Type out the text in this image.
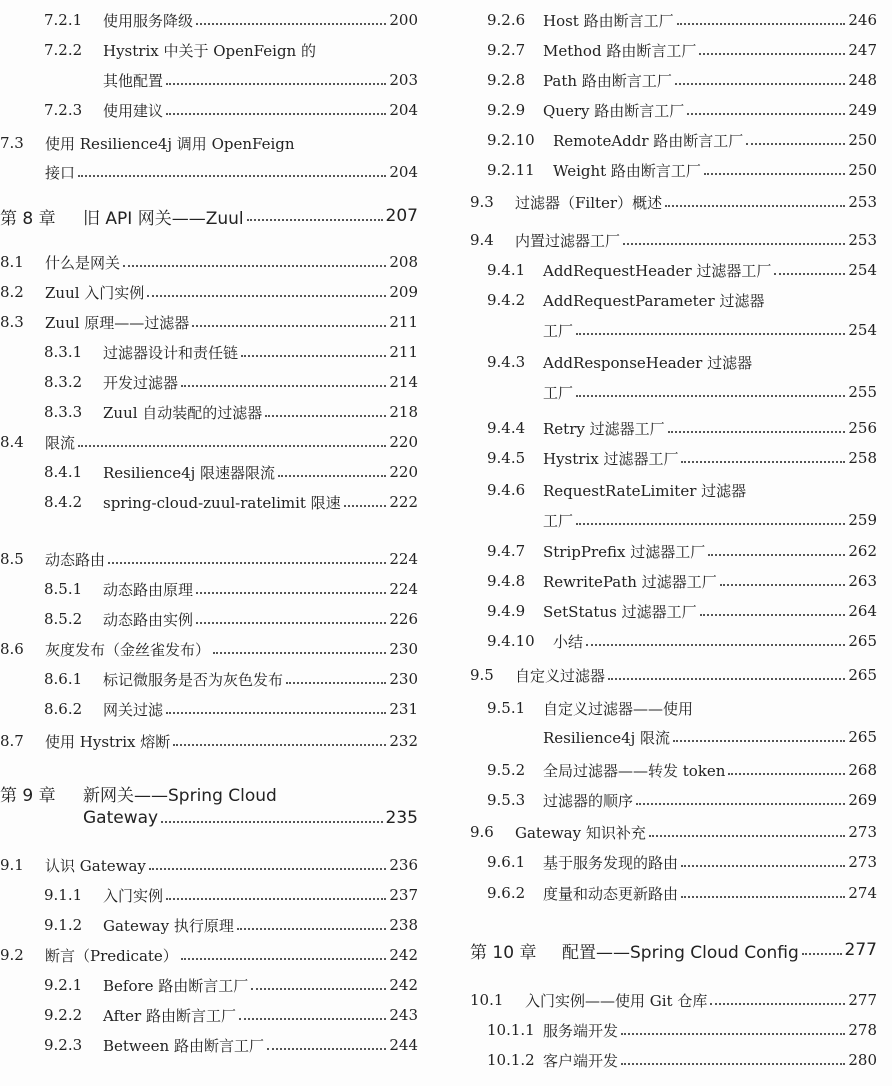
7.2.1 使用服务降级	200
7.2.2 Hystrix 中关于 OpenFeign 的
其他配置	203
7.2.3 使用建议	204
7.3 使用 Resilience4j 调用 OpenFeign
接口	204
第 8 章 旧 API 网关——Zuul	207
8.1 什么是网关	208
8.2 Zuul 入门实例	209
8.3 Zuul 原理——过滤器	211
8.3.1 过滤器设计和责任链	211
8.3.2 开发过滤器	214
8.3.3 Zuul 自动装配的过滤器	218
8.4 限流	220
8.4.1 Resilience4j 限速器限流	220
8.4.2 spring-cloud-zuul-ratelimit 限速	222
8.5 动态路由	224
8.5.1 动态路由原理	224
8.5.2 动态路由实例	226
8.6 灰度发布（金丝雀发布）	230
8.6.1 标记微服务是否为灰色发布	230
8.6.2 网关过滤	231
8.7 使用 Hystrix 熔断	232
第 9 章 新网关——Spring Cloud
Gateway	235
9.1 认识 Gateway	236
9.1.1 入门实例	237
9.1.2 Gateway 执行原理	238
9.2 断言（Predicate）	242
9.2.1 Before 路由断言工厂	242
9.2.2 After 路由断言工厂	243
9.2.3 Between 路由断言工厂	244
9.2.6 Host 路由断言工厂	246
9.2.7 Method 路由断言工厂	247
9.2.8 Path 路由断言工厂	248
9.2.9 Query 路由断言工厂	249
9.2.10 RemoteAddr 路由断言工厂	250
9.2.11 Weight 路由断言工厂	250
9.3 过滤器（Filter）概述	253
9.4 内置过滤器工厂	253
9.4.1 AddRequestHeader 过滤器工厂	254
9.4.2 AddRequestParameter 过滤器
工厂	254
9.4.3 AddResponseHeader 过滤器
工厂	255
9.4.4 Retry 过滤器工厂	256
9.4.5 Hystrix 过滤器工厂	258
9.4.6 RequestRateLimiter 过滤器
工厂	259
9.4.7 StripPrefix 过滤器工厂	262
9.4.8 RewritePath 过滤器工厂	263
9.4.9 SetStatus 过滤器工厂	264
9.4.10 小结	265
9.5 自定义过滤器	265
9.5.1 自定义过滤器——使用
Resilience4j 限流	265
9.5.2 全局过滤器——转发 token	268
9.5.3 过滤器的顺序	269
9.6 Gateway 知识补充	273
9.6.1 基于服务发现的路由	273
9.6.2 度量和动态更新路由	274
第 10 章 配置——Spring Cloud Config	277
10.1 入门实例——使用 Git 仓库	277
10.1.1 服务端开发	278
10.1.2 客户端开发	280
